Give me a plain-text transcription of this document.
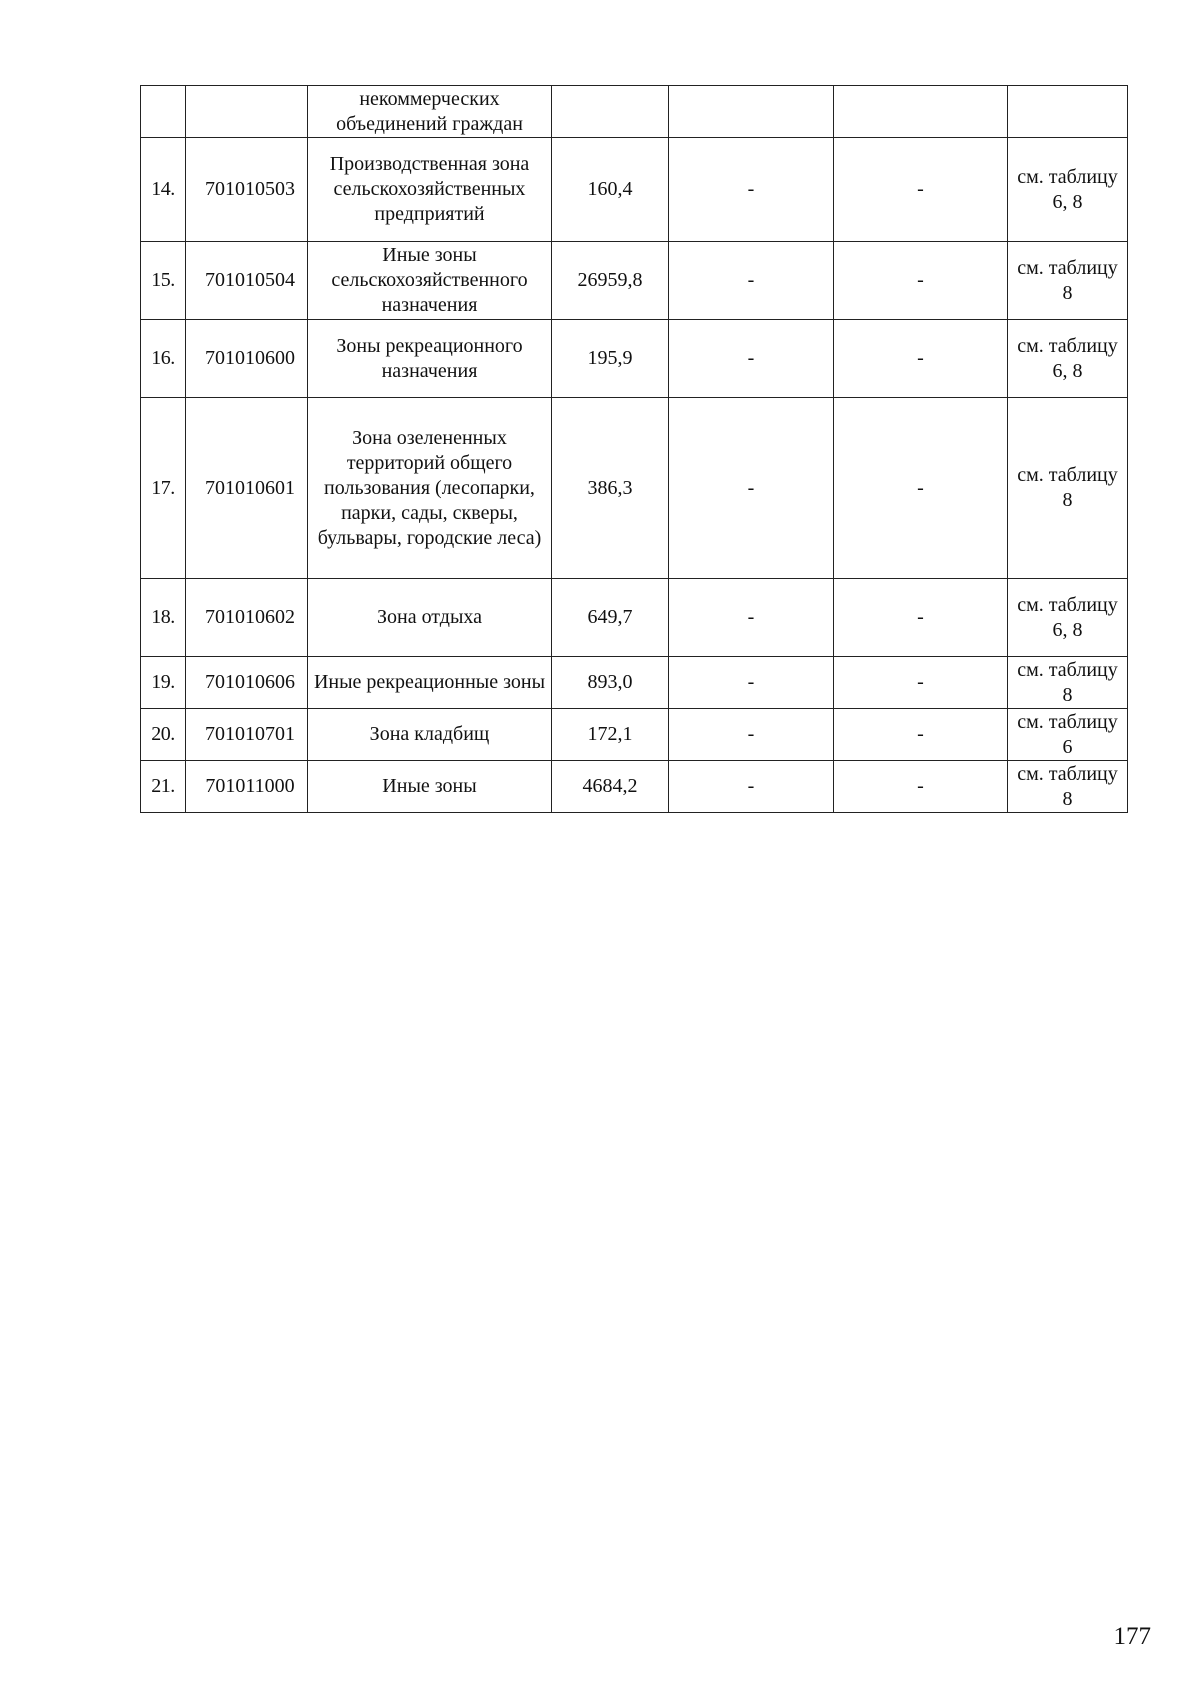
		некоммерческих объединений граждан				
14.	701010503	Производственная зона сельскохозяйственных предприятий	160,4	-	-	см. таблицу 6, 8
15.	701010504	Иные зоны сельскохозяйственного назначения	26959,8	-	-	см. таблицу 8
16.	701010600	Зоны рекреационного назначения	195,9	-	-	см. таблицу 6, 8
17.	701010601	Зона озелененных территорий общего пользования (лесопарки, парки, сады, скверы, бульвары, городские леса)	386,3	-	-	см. таблицу 8
18.	701010602	Зона отдыха	649,7	-	-	см. таблицу 6, 8
19.	701010606	Иные рекреационные зоны	893,0	-	-	см. таблицу 8
20.	701010701	Зона кладбищ	172,1	-	-	см. таблицу 6
21.	701011000	Иные зоны	4684,2	-	-	см. таблицу 8
177
